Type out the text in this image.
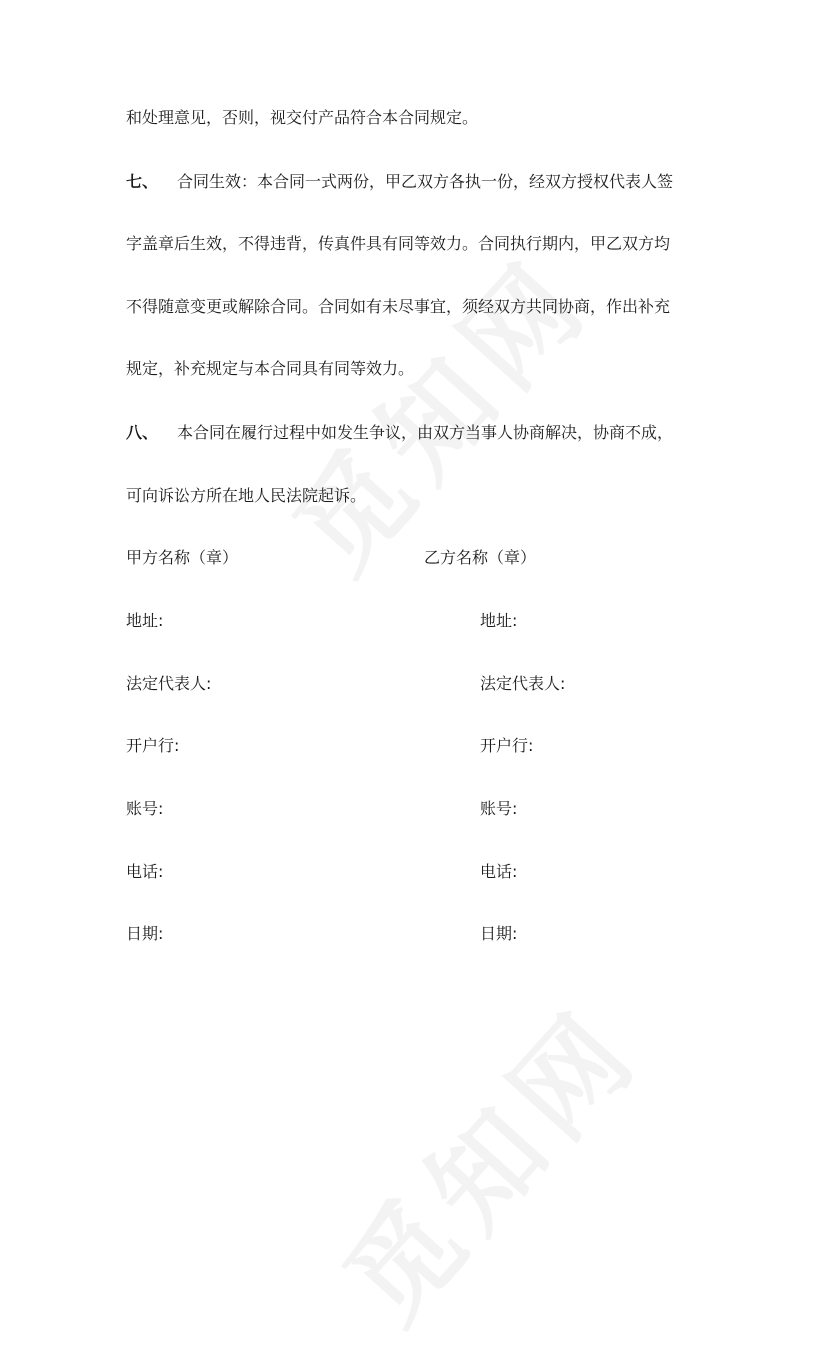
和处理意见，否则，视交付产品符合本合同规定。
七、 合同生效：本合同一式两份，甲乙双方各执一份，经双方授权代表人签
字盖章后生效，不得违背，传真件具有同等效力。合同执行期内，甲乙双方均
不得随意变更或解除合同。合同如有未尽事宜，须经双方共同协商，作出补充
规定，补充规定与本合同具有同等效力。
八、 本合同在履行过程中如发生争议，由双方当事人协商解决，协商不成，
可向诉讼方所在地人民法院起诉。
甲方名称（章）	乙方名称（章）
地址:	地址:
法定代表人:	法定代表人:
开户行:	开户行:
账号:	账号:
电话:	电话:
日期:	日期:
